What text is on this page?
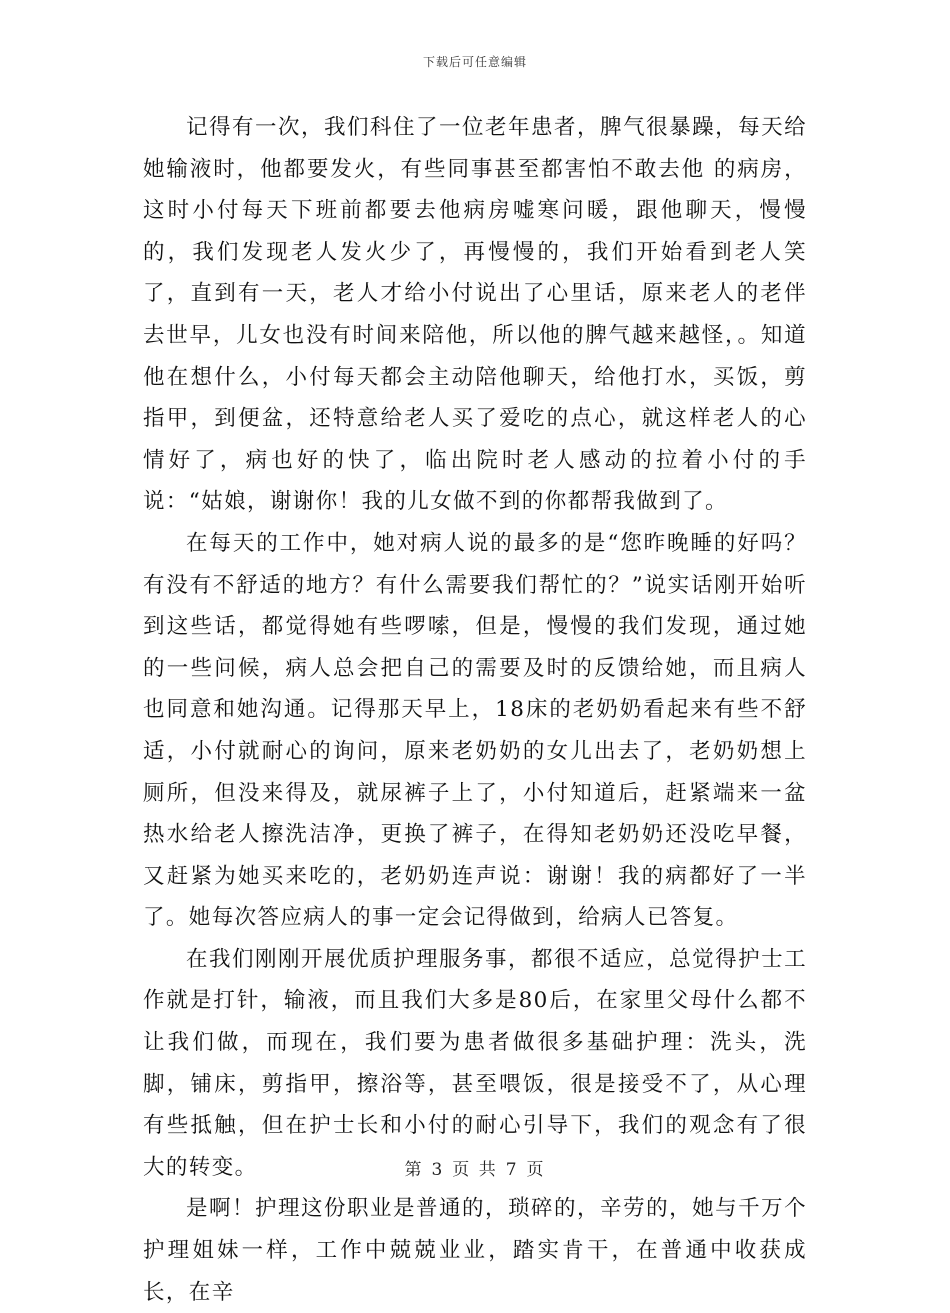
下载后可任意编辑

记得有一次，我们科住了一位老年患者，脾气很暴躁，每天给她输液时，他都要发火，有些同事甚至都害怕不敢去他 的病房，这时小付每天下班前都要去他病房嘘寒问暖，跟他聊天，慢慢的，我们发现老人发火少了，再慢慢的，我们开始看到老人笑了，直到有一天，老人才给小付说出了心里话，原来老人的老伴去世早，儿女也没有时间来陪他，所以他的脾气越来越怪，。知道他在想什么，小付每天都会主动陪他聊天，给他打水，买饭，剪指甲，到便盆，还特意给老人买了爱吃的点心，就这样老人的心情好了，病也好的快了，临出院时老人感动的拉着小付的手说：“姑娘，谢谢你！我的儿女做不到的你都帮我做到了。

在每天的工作中，她对病人说的最多的是“您昨晚睡的好吗？有没有不舒适的地方？有什么需要我们帮忙的？”说实话刚开始听到这些话，都觉得她有些啰嗦，但是，慢慢的我们发现，通过她的一些问候，病人总会把自己的需要及时的反馈给她，而且病人也同意和她沟通。记得那天早上，18床的老奶奶看起来有些不舒适，小付就耐心的询问，原来老奶奶的女儿出去了，老奶奶想上厕所，但没来得及，就尿裤子上了，小付知道后，赶紧端来一盆热水给老人擦洗洁净，更换了裤子，在得知老奶奶还没吃早餐，又赶紧为她买来吃的，老奶奶连声说：谢谢！我的病都好了一半了。她每次答应病人的事一定会记得做到，给病人已答复。

在我们刚刚开展优质护理服务事，都很不适应，总觉得护士工作就是打针，输液，而且我们大多是80后，在家里父母什么都不让我们做，而现在，我们要为患者做很多基础护理：洗头，洗脚，铺床，剪指甲，擦浴等，甚至喂饭，很是接受不了，从心理有些抵触，但在护士长和小付的耐心引导下，我们的观念有了很大的转变。

是啊！护理这份职业是普通的，琐碎的，辛劳的，她与千万个护理姐妹一样，工作中兢兢业业，踏实肯干，在普通中收获成长，在辛

第 3 页 共 7 页
